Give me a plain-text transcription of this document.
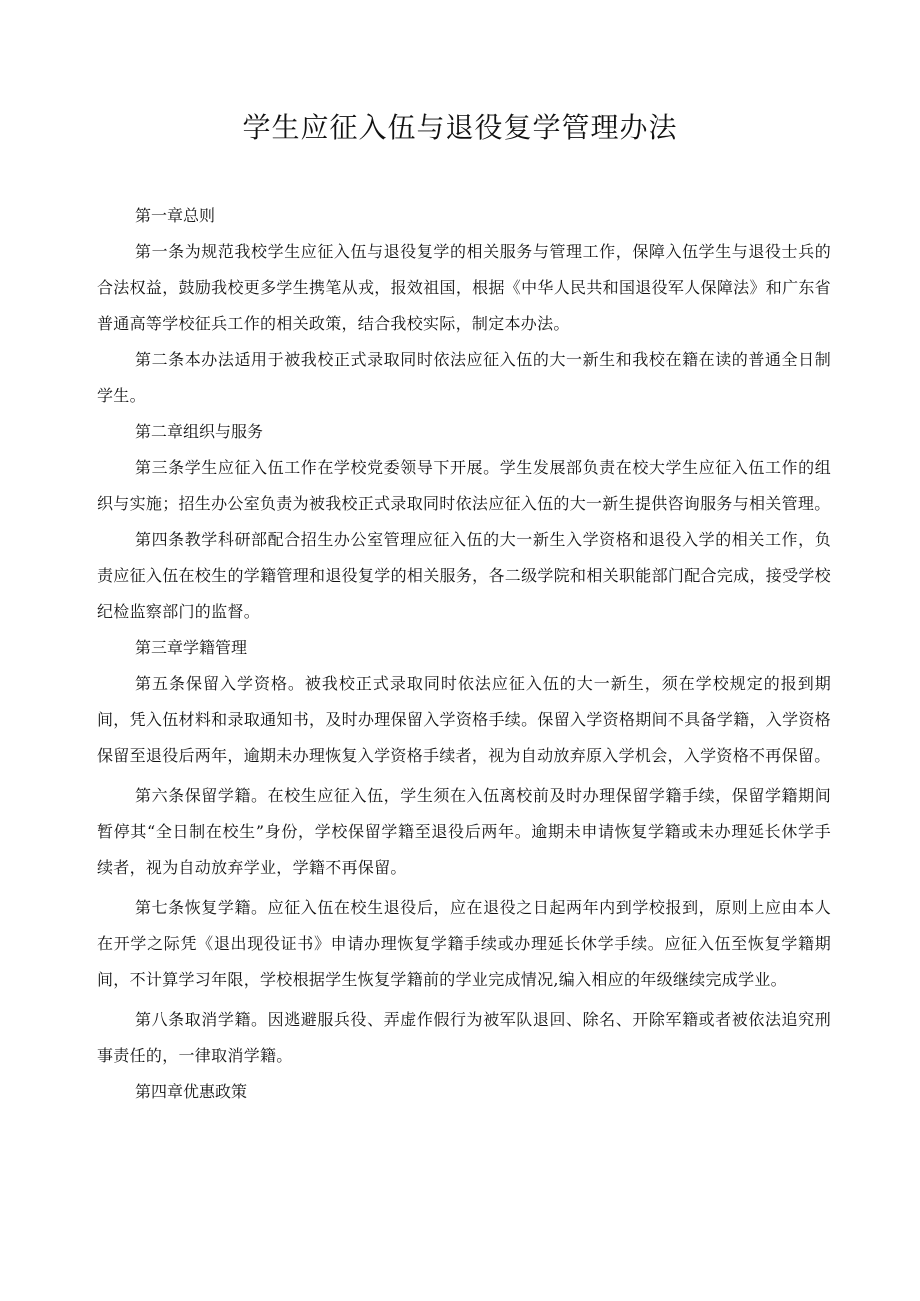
学生应征入伍与退役复学管理办法

第一章总则

第一条为规范我校学生应征入伍与退役复学的相关服务与管理工作，保障入伍学生与退役士兵的合法权益，鼓励我校更多学生携笔从戎，报效祖国，根据《中华人民共和国退役军人保障法》和广东省普通高等学校征兵工作的相关政策，结合我校实际，制定本办法。

第二条本办法适用于被我校正式录取同时依法应征入伍的大一新生和我校在籍在读的普通全日制学生。

第二章组织与服务

第三条学生应征入伍工作在学校党委领导下开展。学生发展部负责在校大学生应征入伍工作的组织与实施；招生办公室负责为被我校正式录取同时依法应征入伍的大一新生提供咨询服务与相关管理。

第四条教学科研部配合招生办公室管理应征入伍的大一新生入学资格和退役入学的相关工作，负责应征入伍在校生的学籍管理和退役复学的相关服务，各二级学院和相关职能部门配合完成，接受学校纪检监察部门的监督。

第三章学籍管理

第五条保留入学资格。被我校正式录取同时依法应征入伍的大一新生，须在学校规定的报到期间，凭入伍材料和录取通知书，及时办理保留入学资格手续。保留入学资格期间不具备学籍，入学资格保留至退役后两年，逾期未办理恢复入学资格手续者，视为自动放弃原入学机会，入学资格不再保留。

第六条保留学籍。在校生应征入伍，学生须在入伍离校前及时办理保留学籍手续，保留学籍期间暂停其“全日制在校生”身份，学校保留学籍至退役后两年。逾期未申请恢复学籍或未办理延长休学手续者，视为自动放弃学业，学籍不再保留。

第七条恢复学籍。应征入伍在校生退役后，应在退役之日起两年内到学校报到，原则上应由本人在开学之际凭《退出现役证书》申请办理恢复学籍手续或办理延长休学手续。应征入伍至恢复学籍期间，不计算学习年限，学校根据学生恢复学籍前的学业完成情况,编入相应的年级继续完成学业。

第八条取消学籍。因逃避服兵役、弄虚作假行为被军队退回、除名、开除军籍或者被依法追究刑事责任的，一律取消学籍。

第四章优惠政策
